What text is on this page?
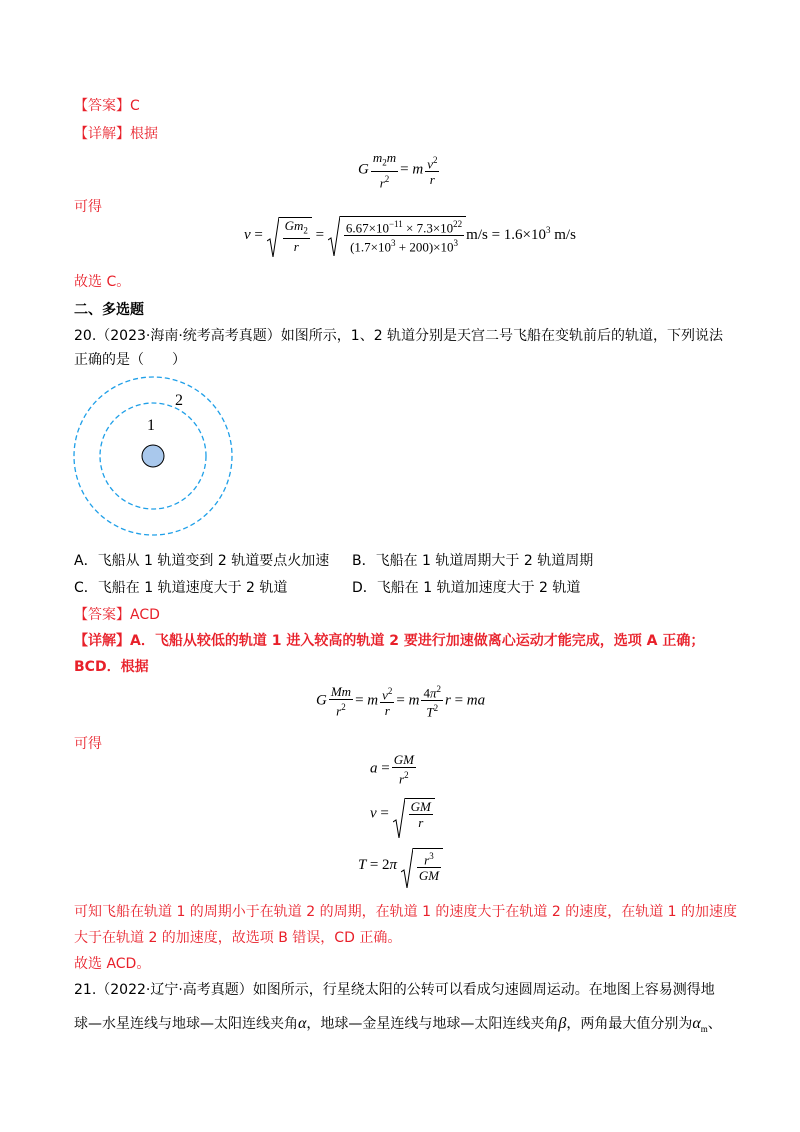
【答案】C
【详解】根据
G $\frac{m_2m}{r^2} = m \frac{v^2}{r}$
可得
$v = \frac{Gm_2}{r} = \frac{6.67\times 10^{-11} \times 7.3\times 10^{22}}{(1.7\times 10^3 + 200)\times 10^3} m/s = 1.6\times 10^3$ m/s
故选 C。
二、多选题
20.（2023·海南·统考高考真题）如图所示，1、2 轨道分别是天宫二号飞船在变轨前后的轨道，下列说法
正确的是（　　）
1
2
A．飞船从 1 轨道变到 2 轨道要点火加速 B．飞船在 1 轨道周期大于 2 轨道周期
C．飞船在 1 轨道速度大于 2 轨道	D．飞船在 1 轨道加速度大于 2 轨道
【答案】ACD
【详解】A．飞船从较低的轨道 1 进入较高的轨道 2 要进行加速做离心运动才能完成，选项 A 正确；
BCD．根据
G $\frac{Mm}{r^2} = m \frac{v^2}{r} = m \frac{4\pi^2}{T^2}$ r = ma
可得
$a = \frac{GM}{r^2}$
$v = \frac{GM}{r}$
$T = 2\pi \frac{r^3}{GM}$
可知飞船在轨道 1 的周期小于在轨道 2 的周期，在轨道 1 的速度大于在轨道 2 的速度，在轨道 1 的加速度
大于在轨道 2 的加速度，故选项 B 错误，CD 正确。
故选 ACD。
21.（2022·辽宁·高考真题）如图所示，行星绕太阳的公转可以看成匀速圆周运动。在地图上容易测得地
球—水星连线与地球—太阳连线夹角α，地球—金星连线与地球—太阳连线夹角β，两角最大值分别为$\alpha_m$、
